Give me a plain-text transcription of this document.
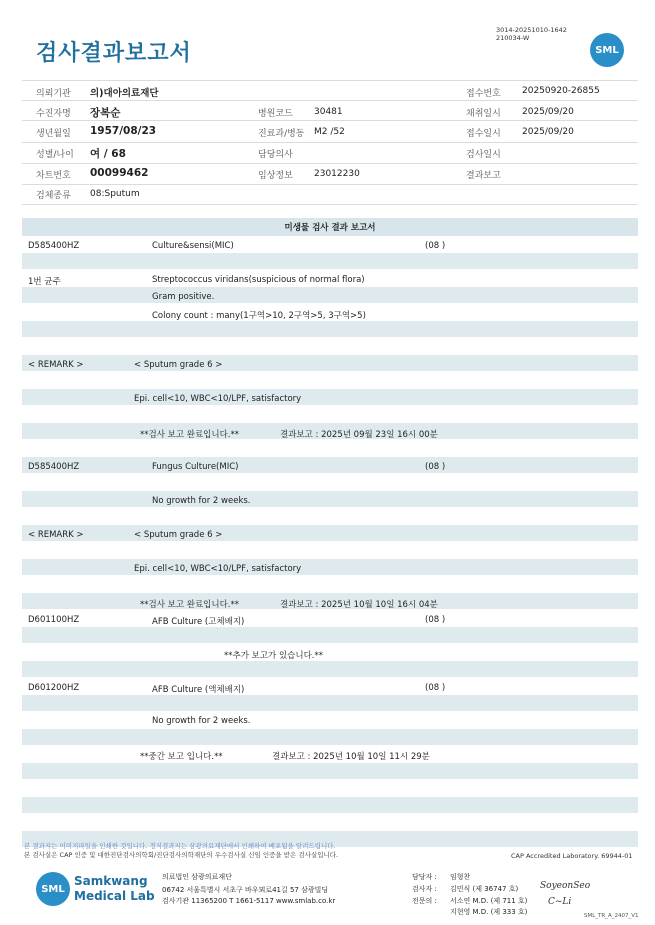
검사결과보고서
3014-20251010-1642
210034-W
SML
의뢰기관 의)대아의료재단	접수번호 20250920-26855
수진자명 장복순	병원코드 30481	채취일시 2025/09/20
생년월일 1957/08/23	진료과/병동 M2 /52	접수일시 2025/09/20
성별/나이 여 / 68	담당의사	검사일시
차트번호 00099462	임상정보 23012230	결과보고
검체종류 08:Sputum
미생물 검사 결과 보고서
D585400HZ	Culture&sensi(MIC)	(08 )
1번 균주	Streptococcus viridans(suspicious of normal flora)
Gram positive.
Colony count : many(1구역>10, 2구역>5, 3구역>5)
< REMARK >	< Sputum grade 6 >
Epi. cell<10, WBC<10/LPF, satisfactory
**검사 보고 완료입니다.**	결과보고 : 2025년 09월 23일 16시 00분
D585400HZ	Fungus Culture(MIC)	(08 )
No growth for 2 weeks.
< REMARK >	< Sputum grade 6 >
Epi. cell<10, WBC<10/LPF, satisfactory
**검사 보고 완료입니다.**	결과보고 : 2025년 10월 10일 16시 04분
D601100HZ	AFB Culture (고체배지)	(08 )
**추가 보고가 있습니다.**
D601200HZ	AFB Culture (액체배지)	(08 )
No growth for 2 weeks.
**중간 보고 입니다.**	결과보고 : 2025년 10월 10일 11시 29분
본 결과지는 이미지파일을 인쇄한 것입니다. 정식결과지는 삼광의료재단에서 인쇄하여 배포됨을 알려드립니다.
본 검사실은 CAP 인증 및 대한진단검사의학회/진단검사의학재단의 우수검사실 신임 인증을 받은 검사실입니다.	CAP Accredited Laboratory. 69944-01
SML
Samkwang
Medical Lab
의료법인 삼광의료재단
06742 서울특별시 서초구 바우뫼로41길 57 삼광빌딩
검사기관 11365200 T 1661-5117 www.smlab.co.kr
담당자 : 임형찬
검사자 : 김민식 (제 36747 호)
전문의 : 서소연 M.D. (제 711 호)
지현영 M.D. (제 333 호)
SoyeonSeo
C~Li
SML_TR_A_2407_V1
